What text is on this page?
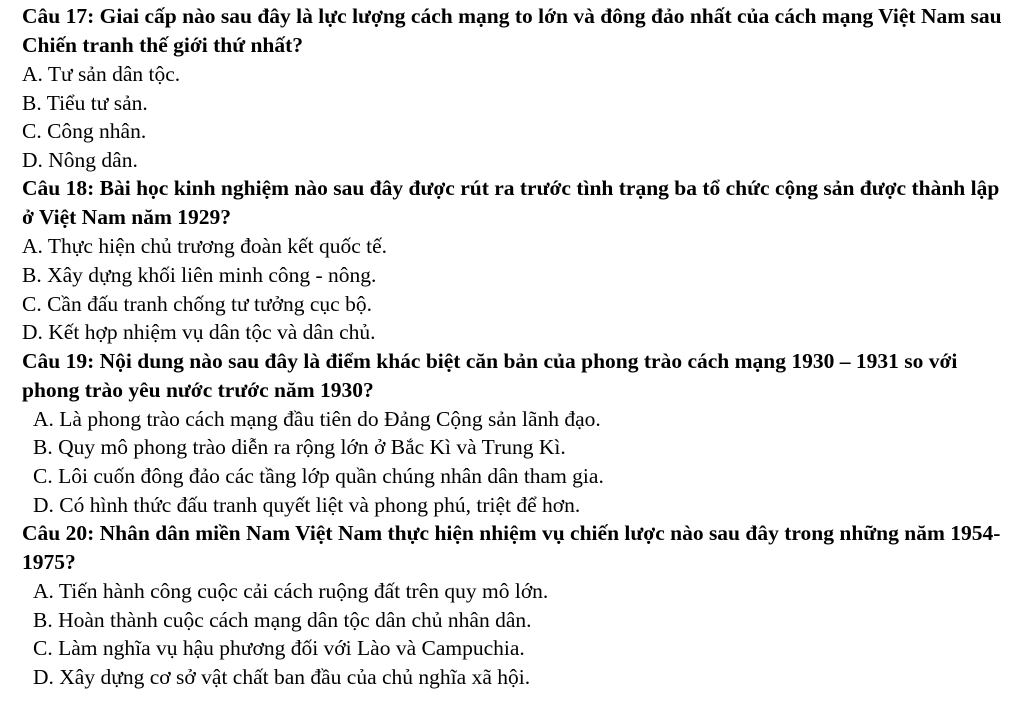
Câu 17: Giai cấp nào sau đây là lực lượng cách mạng to lớn và đông đảo nhất của cách mạng Việt Nam sau Chiến tranh thế giới thứ nhất?

A. Tư sản dân tộc.

B. Tiểu tư sản.

C. Công nhân.

D. Nông dân.

Câu 18: Bài học kinh nghiệm nào sau đây được rút ra trước tình trạng ba tổ chức cộng sản được thành lập ở Việt Nam năm 1929?

A. Thực hiện chủ trương đoàn kết quốc tế.

B. Xây dựng khối liên minh công - nông.

C. Cần đấu tranh chống tư tưởng cục bộ.

D. Kết hợp nhiệm vụ dân tộc và dân chủ.

Câu 19: Nội dung nào sau đây là điểm khác biệt căn bản của phong trào cách mạng 1930 – 1931 so với phong trào yêu nước trước năm 1930?

A. Là phong trào cách mạng đầu tiên do Đảng Cộng sản lãnh đạo.

B. Quy mô phong trào diễn ra rộng lớn ở Bắc Kì và Trung Kì.

C. Lôi cuốn đông đảo các tầng lớp quần chúng nhân dân tham gia.

D. Có hình thức đấu tranh quyết liệt và phong phú, triệt để hơn.

Câu 20: Nhân dân miền Nam Việt Nam thực hiện nhiệm vụ chiến lược nào sau đây trong những năm 1954-1975?

A. Tiến hành công cuộc cải cách ruộng đất trên quy mô lớn.

B. Hoàn thành cuộc cách mạng dân tộc dân chủ nhân dân.

C. Làm nghĩa vụ hậu phương đối với Lào và Campuchia.

D. Xây dựng cơ sở vật chất ban đầu của chủ nghĩa xã hội.
